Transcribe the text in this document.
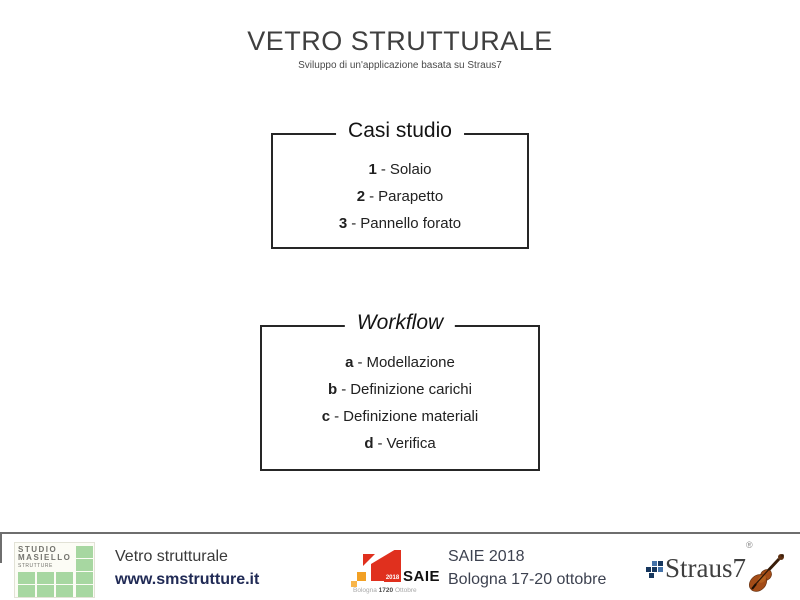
VETRO STRUTTURALE
Sviluppo di un'applicazione basata su Straus7
Casi studio
1 - Solaio
2 - Parapetto
3 - Pannello forato
Workflow
a - Modellazione
b - Definizione carichi
c - Definizione materiali
d - Verifica
STUDIO
MASIELLO
STRUTTURE
Vetro strutturale
www.smstrutture.it	2018 SAIE
Bologna 1720 Ottobre
SAIE 2018
Bologna 17-20 ottobre Straus7
®
